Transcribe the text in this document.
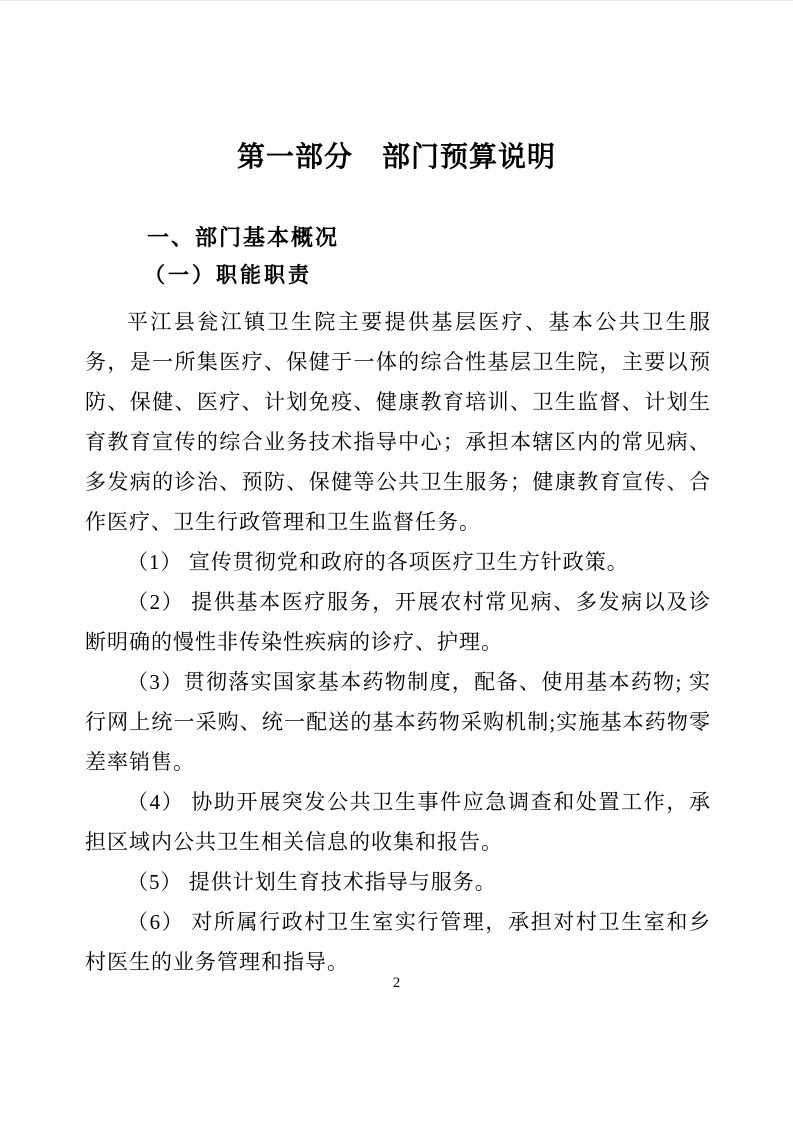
第一部分　部门预算说明
一、部门基本概况
（一）职能职责

平江县瓮江镇卫生院主要提供基层医疗、基本公共卫生服务，是一所集医疗、保健于一体的综合性基层卫生院，主要以预防、保健、医疗、计划免疫、健康教育培训、卫生监督、计划生育教育宣传的综合业务技术指导中心；承担本辖区内的常见病、多发病的诊治、预防、保健等公共卫生服务；健康教育宣传、合作医疗、卫生行政管理和卫生监督任务。

（1） 宣传贯彻党和政府的各项医疗卫生方针政策。

（2） 提供基本医疗服务，开展农村常见病、多发病以及诊断明确的慢性非传染性疾病的诊疗、护理。

（3）贯彻落实国家基本药物制度，配备、使用基本药物; 实行网上统一采购、统一配送的基本药物采购机制;实施基本药物零差率销售。

（4） 协助开展突发公共卫生事件应急调查和处置工作，承担区域内公共卫生相关信息的收集和报告。

（5） 提供计划生育技术指导与服务。

（6） 对所属行政村卫生室实行管理，承担对村卫生室和乡村医生的业务管理和指导。

2
